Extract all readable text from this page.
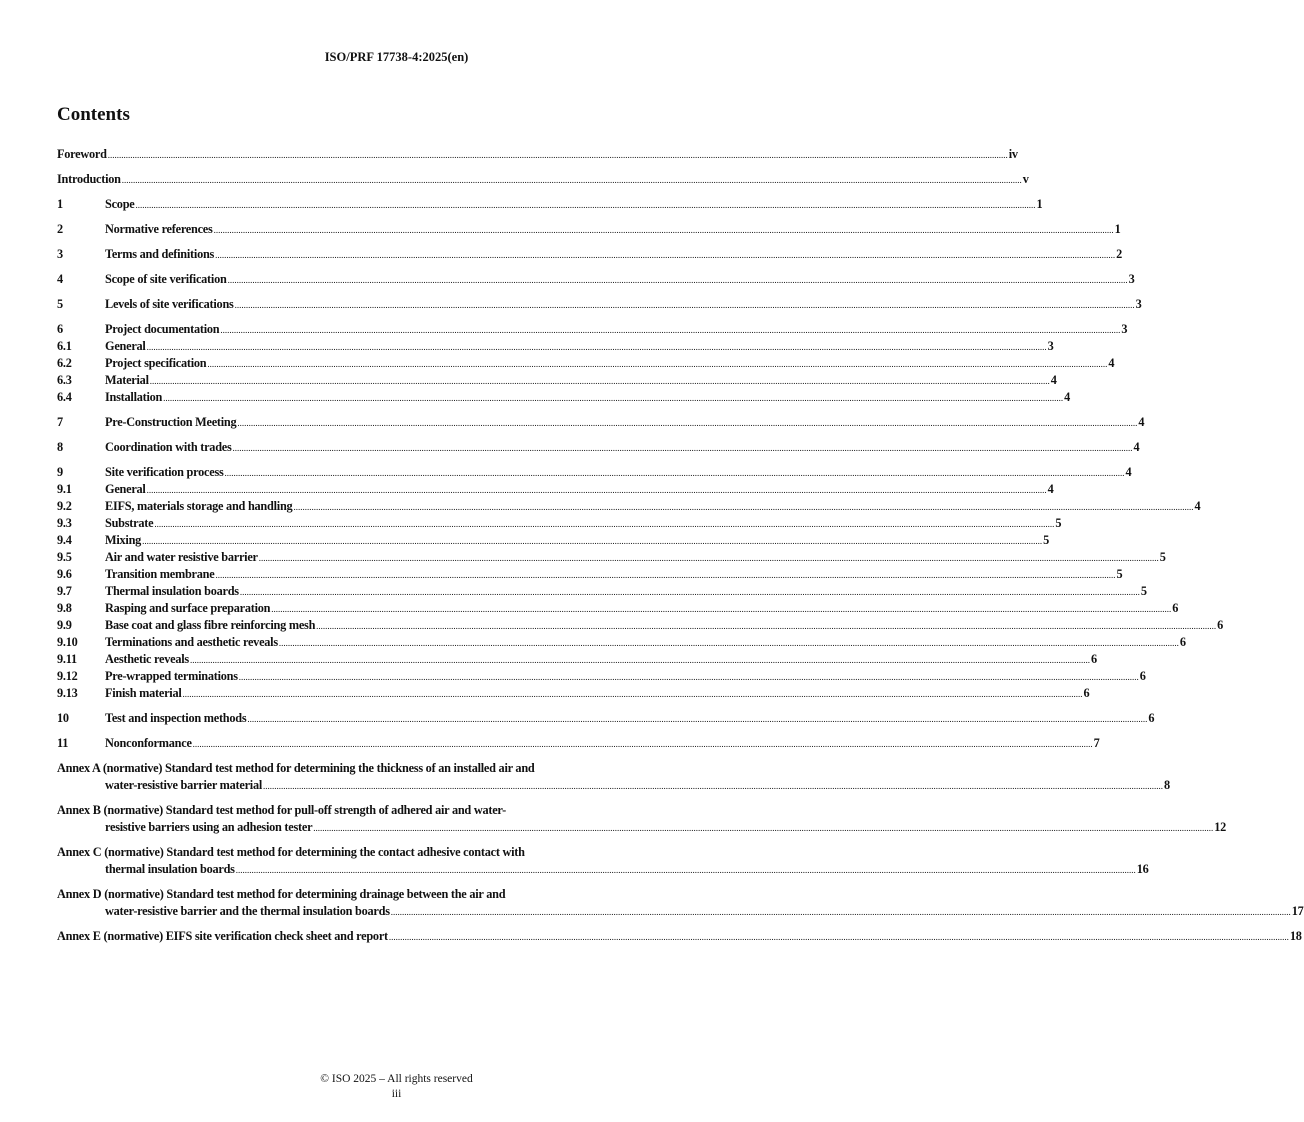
ISO/PRF 17738-4:2025(en)
Contents
Foreword ................................................................................................................................................................................................................................................................................................................................................................................................................ iv
Introduction ................................................................................................................................................................................................................................................................................................................................................................................................................ v
1	Scope ................................................................................................................................................................................................................................................................................................................................................................................................................ 1
2	Normative references ................................................................................................................................................................................................................................................................................................................................................................................................................ 1
3	Terms and definitions ................................................................................................................................................................................................................................................................................................................................................................................................................ 2
4	Scope of site verification ................................................................................................................................................................................................................................................................................................................................................................................................................ 3
5	Levels of site verifications ................................................................................................................................................................................................................................................................................................................................................................................................................ 3
6	Project documentation ................................................................................................................................................................................................................................................................................................................................................................................................................ 3
6.1	General ................................................................................................................................................................................................................................................................................................................................................................................................................ 3
6.2	Project specification ................................................................................................................................................................................................................................................................................................................................................................................................................ 4
6.3	Material ................................................................................................................................................................................................................................................................................................................................................................................................................ 4
6.4	Installation ................................................................................................................................................................................................................................................................................................................................................................................................................ 4
7	Pre-Construction Meeting ................................................................................................................................................................................................................................................................................................................................................................................................................ 4
8	Coordination with trades ................................................................................................................................................................................................................................................................................................................................................................................................................ 4
9	Site verification process ................................................................................................................................................................................................................................................................................................................................................................................................................ 4
9.1	General ................................................................................................................................................................................................................................................................................................................................................................................................................ 4
9.2	EIFS, materials storage and handling ................................................................................................................................................................................................................................................................................................................................................................................................................ 4
9.3	Substrate ................................................................................................................................................................................................................................................................................................................................................................................................................ 5
9.4	Mixing ................................................................................................................................................................................................................................................................................................................................................................................................................ 5
9.5	Air and water resistive barrier ................................................................................................................................................................................................................................................................................................................................................................................................................ 5
9.6	Transition membrane ................................................................................................................................................................................................................................................................................................................................................................................................................ 5
9.7	Thermal insulation boards ................................................................................................................................................................................................................................................................................................................................................................................................................ 5
9.8	Rasping and surface preparation ................................................................................................................................................................................................................................................................................................................................................................................................................ 6
9.9	Base coat and glass fibre reinforcing mesh ................................................................................................................................................................................................................................................................................................................................................................................................................ 6
9.10	Terminations and aesthetic reveals ................................................................................................................................................................................................................................................................................................................................................................................................................ 6
9.11	Aesthetic reveals ................................................................................................................................................................................................................................................................................................................................................................................................................ 6
9.12	Pre-wrapped terminations ................................................................................................................................................................................................................................................................................................................................................................................................................ 6
9.13	Finish material ................................................................................................................................................................................................................................................................................................................................................................................................................ 6
10	Test and inspection methods ................................................................................................................................................................................................................................................................................................................................................................................................................ 6
11	Nonconformance ................................................................................................................................................................................................................................................................................................................................................................................................................ 7
Annex A (normative) Standard test method for determining the thickness of an installed air and
water-resistive barrier material ................................................................................................................................................................................................................................................................................................................................................................................................................ 8
Annex B (normative) Standard test method for pull-off strength of adhered air and water-
resistive barriers using an adhesion tester ................................................................................................................................................................................................................................................................................................................................................................................................................ 12
Annex C (normative) Standard test method for determining the contact adhesive contact with
thermal insulation boards ................................................................................................................................................................................................................................................................................................................................................................................................................ 16
Annex D (normative) Standard test method for determining drainage between the air and
water-resistive barrier and the thermal insulation boards ................................................................................................................................................................................................................................................................................................................................................................................................................ 17
Annex E (normative) EIFS site verification check sheet and report ................................................................................................................................................................................................................................................................................................................................................................................................................ 18
© ISO 2025 – All rights reserved
iii
